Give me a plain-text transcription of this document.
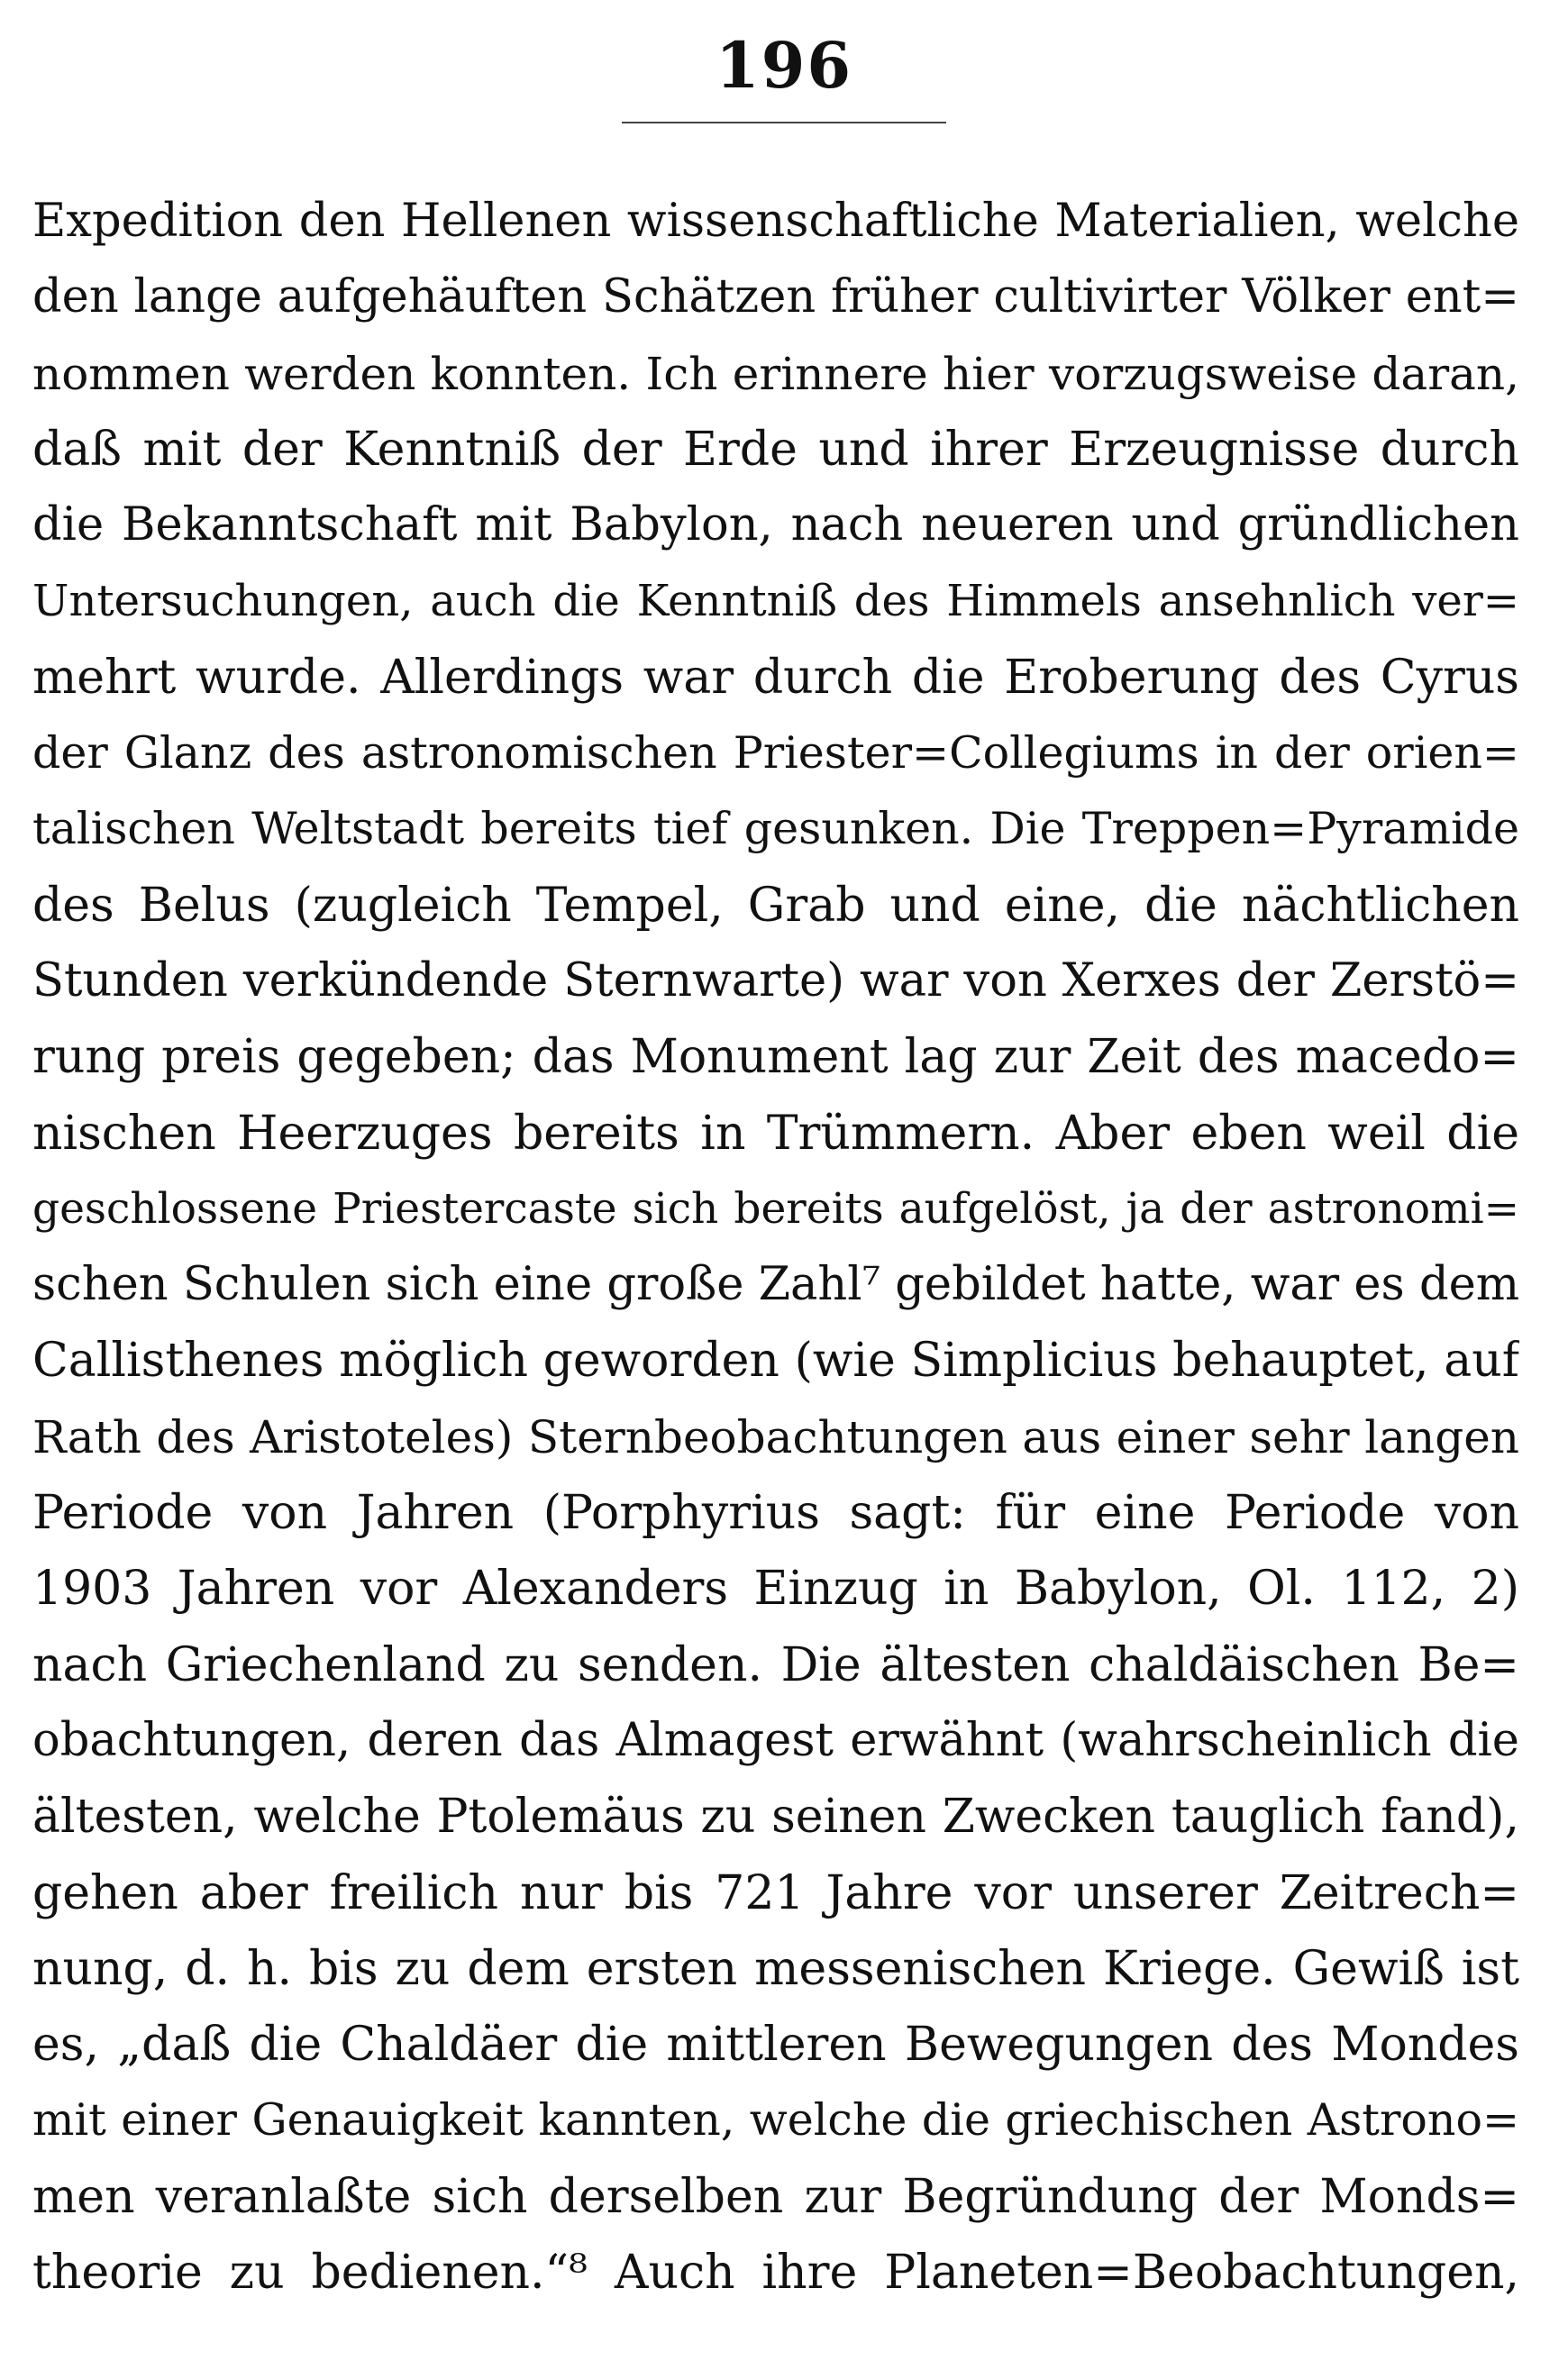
196
Expedition den Hellenen wissenschaftliche Materialien, welche
den lange aufgehäuften Schätzen früher cultivirter Völker ent=
nommen werden konnten. Ich erinnere hier vorzugsweise daran,
daß mit der Kenntniß der Erde und ihrer Erzeugnisse durch
die Bekanntschaft mit Babylon, nach neueren und gründlichen
Untersuchungen, auch die Kenntniß des Himmels ansehnlich ver=
mehrt wurde. Allerdings war durch die Eroberung des Cyrus
der Glanz des astronomischen Priester=Collegiums in der orien=
talischen Weltstadt bereits tief gesunken. Die Treppen=Pyramide
des Belus (zugleich Tempel, Grab und eine, die nächtlichen
Stunden verkündende Sternwarte) war von Xerxes der Zerstö=
rung preis gegeben; das Monument lag zur Zeit des macedo=
nischen Heerzuges bereits in Trümmern. Aber eben weil die
geschlossene Priestercaste sich bereits aufgelöst, ja der astronomi=
schen Schulen sich eine große Zahl⁷ gebildet hatte, war es dem
Callisthenes möglich geworden (wie Simplicius behauptet, auf
Rath des Aristoteles) Sternbeobachtungen aus einer sehr langen
Periode von Jahren (Porphyrius sagt: für eine Periode von
1903 Jahren vor Alexanders Einzug in Babylon, Ol. 112, 2)
nach Griechenland zu senden. Die ältesten chaldäischen Be=
obachtungen, deren das Almagest erwähnt (wahrscheinlich die
ältesten, welche Ptolemäus zu seinen Zwecken tauglich fand),
gehen aber freilich nur bis 721 Jahre vor unserer Zeitrech=
nung, d. h. bis zu dem ersten messenischen Kriege. Gewiß ist
es, „daß die Chaldäer die mittleren Bewegungen des Mondes
mit einer Genauigkeit kannten, welche die griechischen Astrono=
men veranlaßte sich derselben zur Begründung der Monds=
theorie zu bedienen.“⁸ Auch ihre Planeten=Beobachtungen,
